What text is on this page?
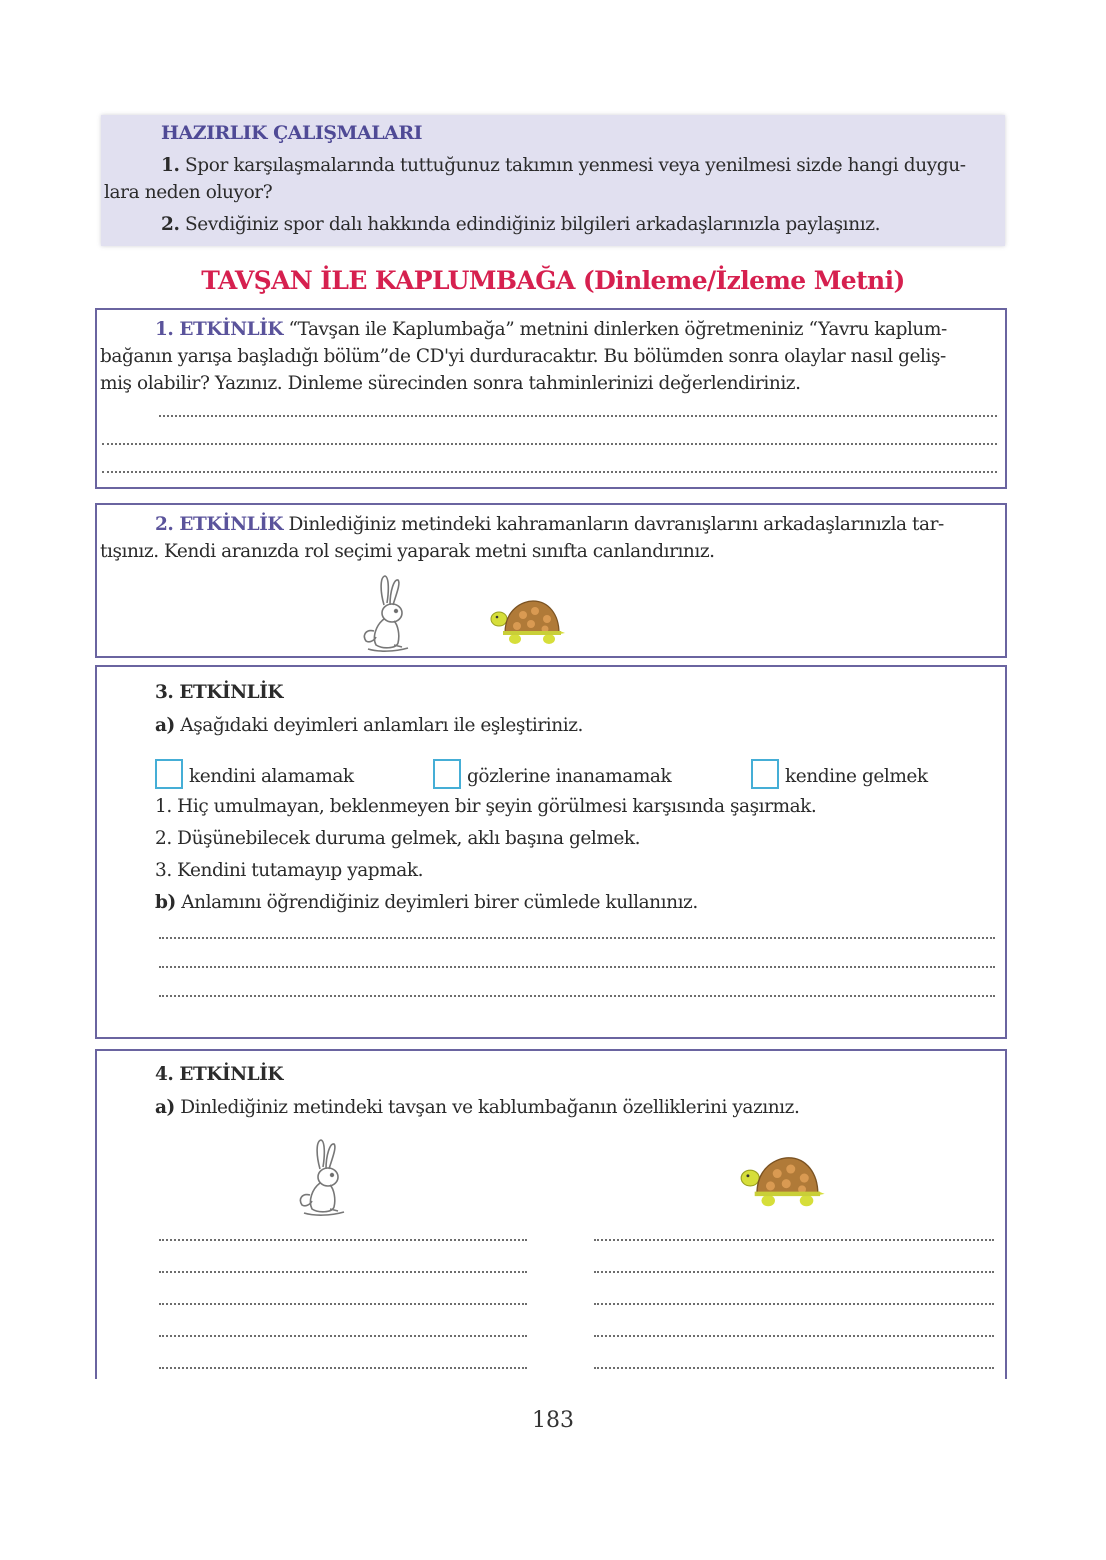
HAZIRLIK ÇALIŞMALARI
1. Spor karşılaşmalarında tuttuğunuz takımın yenmesi veya yenilmesi sizde hangi duygu-
lara neden oluyor?
2. Sevdiğiniz spor dalı hakkında edindiğiniz bilgileri arkadaşlarınızla paylaşınız.
TAVŞAN İLE KAPLUMBAĞA (Dinleme/İzleme Metni)
1. ETKİNLİK “Tavşan ile Kaplumbağa” metnini dinlerken öğretmeniniz “Yavru kaplum-
bağanın yarışa başladığı bölüm”de CD'yi durduracaktır. Bu bölümden sonra olaylar nasıl geliş-
miş olabilir? Yazınız. Dinleme sürecinden sonra tahminlerinizi değerlendiriniz.
2. ETKİNLİK Dinlediğiniz metindeki kahramanların davranışlarını arkadaşlarınızla tar-
tışınız. Kendi aranızda rol seçimi yaparak metni sınıfta canlandırınız.
3. ETKİNLİK
a) Aşağıdaki deyimleri anlamları ile eşleştiriniz.
kendini alamamak	gözlerine inanamamak	kendine gelmek
1. Hiç umulmayan, beklenmeyen bir şeyin görülmesi karşısında şaşırmak.
2. Düşünebilecek duruma gelmek, aklı başına gelmek.
3. Kendini tutamayıp yapmak.
b) Anlamını öğrendiğiniz deyimleri birer cümlede kullanınız.
4. ETKİNLİK
a) Dinlediğiniz metindeki tavşan ve kablumbağanın özelliklerini yazınız.
183
